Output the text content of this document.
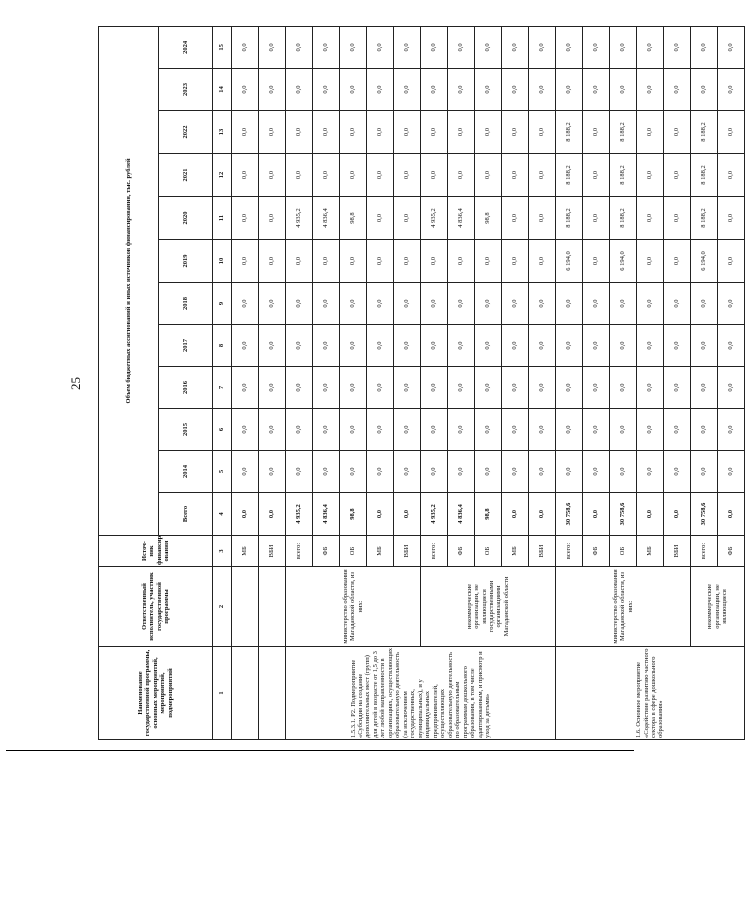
25
Наименование государственной программы, основных мероприятий, мероприятий, подмероприятий	Ответственный исполнитель, участник государственной программы	Источ-ник финансир ования	Объем бюджетных ассигнований и иных источников финансирования, тыс. рублей											
			Всего	2014	2015	2016	2017	2018	2019	2020	2021	2022	2023	2024
1	2	3	4	5	6	7	8	9	10	11	12	13	14	15
		МБ	0,0	0,0	0,0	0,0	0,0	0,0	0,0	0,0	0,0	0,0	0,0	0,0
		ВБИ	0,0	0,0	0,0	0,0	0,0	0,0	0,0	0,0	0,0	0,0	0,0	0,0
1.5.3.1. Р2. Подмероприятие «Субсидия на создание дополнительных мест (групп) для детей в возрасте от 1,5 до 3 лет любой направленности в организациях, осуществляющих образовательную деятельность (за исключением государственных, муниципальных), и у индивидуальных предпринимателей, осуществляющих образовательную деятельность по образовательным программам дошкольного образования, в том числе адаптированным, и присмотр и уход за детьми»	министерство образования Магаданской области, из них:	всего:	4 935,2	0,0	0,0	0,0	0,0	0,0	0,0	4 935,2	0,0	0,0	0,0	0,0
		ФБ	4 836,4	0,0	0,0	0,0	0,0	0,0	0,0	4 836,4	0,0	0,0	0,0	0,0
		ОБ	98,8	0,0	0,0	0,0	0,0	0,0	0,0	98,8	0,0	0,0	0,0	0,0
		МБ	0,0	0,0	0,0	0,0	0,0	0,0	0,0	0,0	0,0	0,0	0,0	0,0
		ВБИ	0,0	0,0	0,0	0,0	0,0	0,0	0,0	0,0	0,0	0,0	0,0	0,0
	некоммерческие организации, не являющиеся государственными организациями Магаданской области	всего:	4 935,2	0,0	0,0	0,0	0,0	0,0	0,0	4 935,2	0,0	0,0	0,0	0,0
		ФБ	4 836,4	0,0	0,0	0,0	0,0	0,0	0,0	4 836,4	0,0	0,0	0,0	0,0
		ОБ	98,8	0,0	0,0	0,0	0,0	0,0	0,0	98,8	0,0	0,0	0,0	0,0
		МБ	0,0	0,0	0,0	0,0	0,0	0,0	0,0	0,0	0,0	0,0	0,0	0,0
		ВБИ	0,0	0,0	0,0	0,0	0,0	0,0	0,0	0,0	0,0	0,0	0,0	0,0
1.6. Основное мероприятие «Содействие развитию частного сектора в сфере дошкольного образования»	министерство образования Магаданской области, из них:	всего:	30 758,6	0,0	0,0	0,0	0,0	0,0	6 194,0	8 188,2	8 188,2	8 188,2	0,0	0,0
		ФБ	0,0	0,0	0,0	0,0	0,0	0,0	0,0	0,0	0,0	0,0	0,0	0,0
		ОБ	30 758,6	0,0	0,0	0,0	0,0	0,0	6 194,0	8 188,2	8 188,2	8 188,2	0,0	0,0
		МБ	0,0	0,0	0,0	0,0	0,0	0,0	0,0	0,0	0,0	0,0	0,0	0,0
		ВБИ	0,0	0,0	0,0	0,0	0,0	0,0	0,0	0,0	0,0	0,0	0,0	0,0
	некоммерческие организации, не являющиеся	всего:	30 758,6	0,0	0,0	0,0	0,0	0,0	6 194,0	8 188,2	8 188,2	8 188,2	0,0	0,0
		ФБ	0,0	0,0	0,0	0,0	0,0	0,0	0,0	0,0	0,0	0,0	0,0	0,0
